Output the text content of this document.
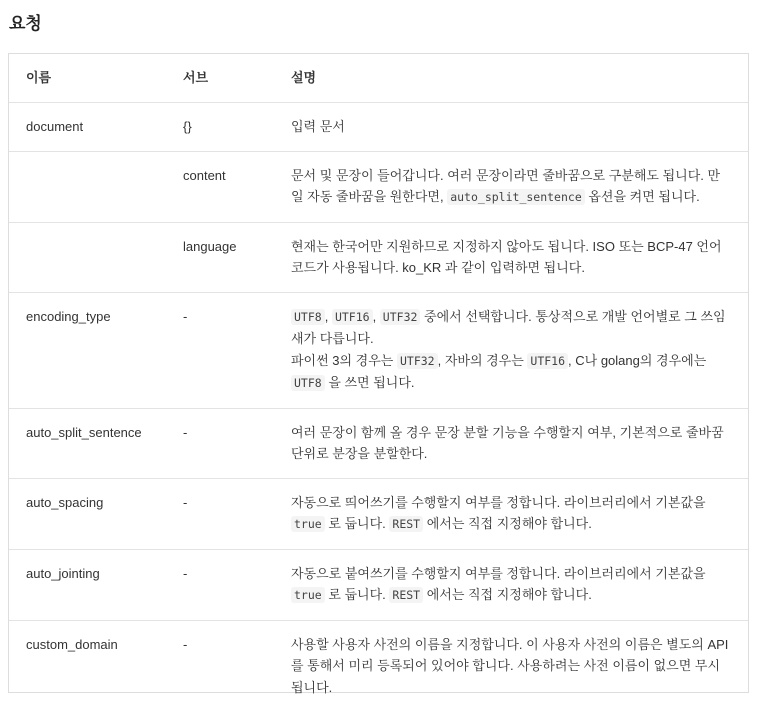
요청
이름	서브	설명
document	{}	입력 문서
	content	문서 및 문장이 들어갑니다. 여러 문장이라면 줄바꿈으로 구분해도 됩니다. 만일 자동 줄바꿈을 원한다면, auto_split_sentence 옵션을 켜면 됩니다.
	language	현재는 한국어만 지원하므로 지정하지 않아도 됩니다. ISO 또는 BCP-47 언어코드가 사용됩니다. ko_KR 과 같이 입력하면 됩니다.
encoding_type	-	UTF8 , UTF16 , UTF32 중에서 선택합니다. 통상적으로 개발 언어별로 그 쓰임새가 다릅니다.
파이썬 3의 경우는 UTF32 , 자바의 경우는 UTF16 , C나 golang의 경우에는 UTF8 을 쓰면 됩니다.
auto_split_sentence	-	여러 문장이 함께 올 경우 문장 분할 기능을 수행할지 여부, 기본적으로 줄바꿈 단위로 분장을 분할한다.
auto_spacing	-	자동으로 띄어쓰기를 수행할지 여부를 정합니다. 라이브러리에서 기본값을 true 로 둡니다. REST 에서는 직접 지정해야 합니다.
auto_jointing	-	자동으로 붙여쓰기를 수행할지 여부를 정합니다. 라이브러리에서 기본값을 true 로 둡니다. REST 에서는 직접 지정해야 합니다.
custom_domain	-	사용할 사용자 사전의 이름을 지정합니다. 이 사용자 사전의 이름은 별도의 API를 통해서 미리 등록되어 있어야 합니다. 사용하려는 사전 이름이 없으면 무시됩니다.
